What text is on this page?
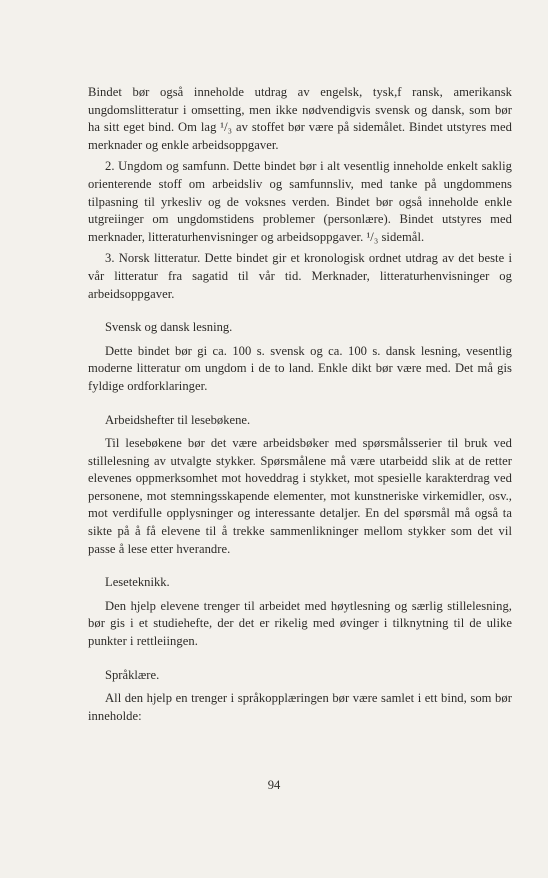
Bindet bør også inneholde utdrag av engelsk, tysk,f ransk, amerikansk ungdomslitteratur i omsetting, men ikke nødvendigvis svensk og dansk, som bør ha sitt eget bind. Om lag ¹/₃ av stoffet bør være på sidemålet. Bindet utstyres med merknader og enkle arbeidsoppgaver.

2. Ungdom og samfunn. Dette bindet bør i alt vesentlig inneholde enkelt saklig orienterende stoff om arbeidsliv og samfunnsliv, med tanke på ungdommens tilpasning til yrkesliv og de voksnes verden. Bindet bør også inneholde enkle utgreiinger om ungdomstidens problemer (personlære). Bindet utstyres med merknader, litteraturhenvisninger og arbeidsoppgaver. ¹/₃ sidemål.

3. Norsk litteratur. Dette bindet gir et kronologisk ordnet utdrag av det beste i vår litteratur fra sagatid til vår tid. Merknader, litteraturhenvisninger og arbeidsoppgaver.

Svensk og dansk lesning.

Dette bindet bør gi ca. 100 s. svensk og ca. 100 s. dansk lesning, vesentlig moderne litteratur om ungdom i de to land. Enkle dikt bør være med. Det må gis fyldige ordforklaringer.

Arbeidshefter til lesebøkene.

Til lesebøkene bør det være arbeidsbøker med spørsmålsserier til bruk ved stillelesning av utvalgte stykker. Spørsmålene må være utarbeidd slik at de retter elevenes oppmerksomhet mot hoveddrag i stykket, mot spesielle karakterdrag ved personene, mot stemningsskapende elementer, mot kunstneriske virkemidler, osv., mot verdifulle opplysninger og interessante detaljer. En del spørsmål må også ta sikte på å få elevene til å trekke sammenlikninger mellom stykker som det vil passe å lese etter hverandre.

Leseteknikk.

Den hjelp elevene trenger til arbeidet med høytlesning og særlig stillelesning, bør gis i et studiehefte, der det er rikelig med øvinger i tilknytning til de ulike punkter i rettleiingen.

Språklære.

All den hjelp en trenger i språkopplæringen bør være samlet i ett bind, som bør inneholde:

94
